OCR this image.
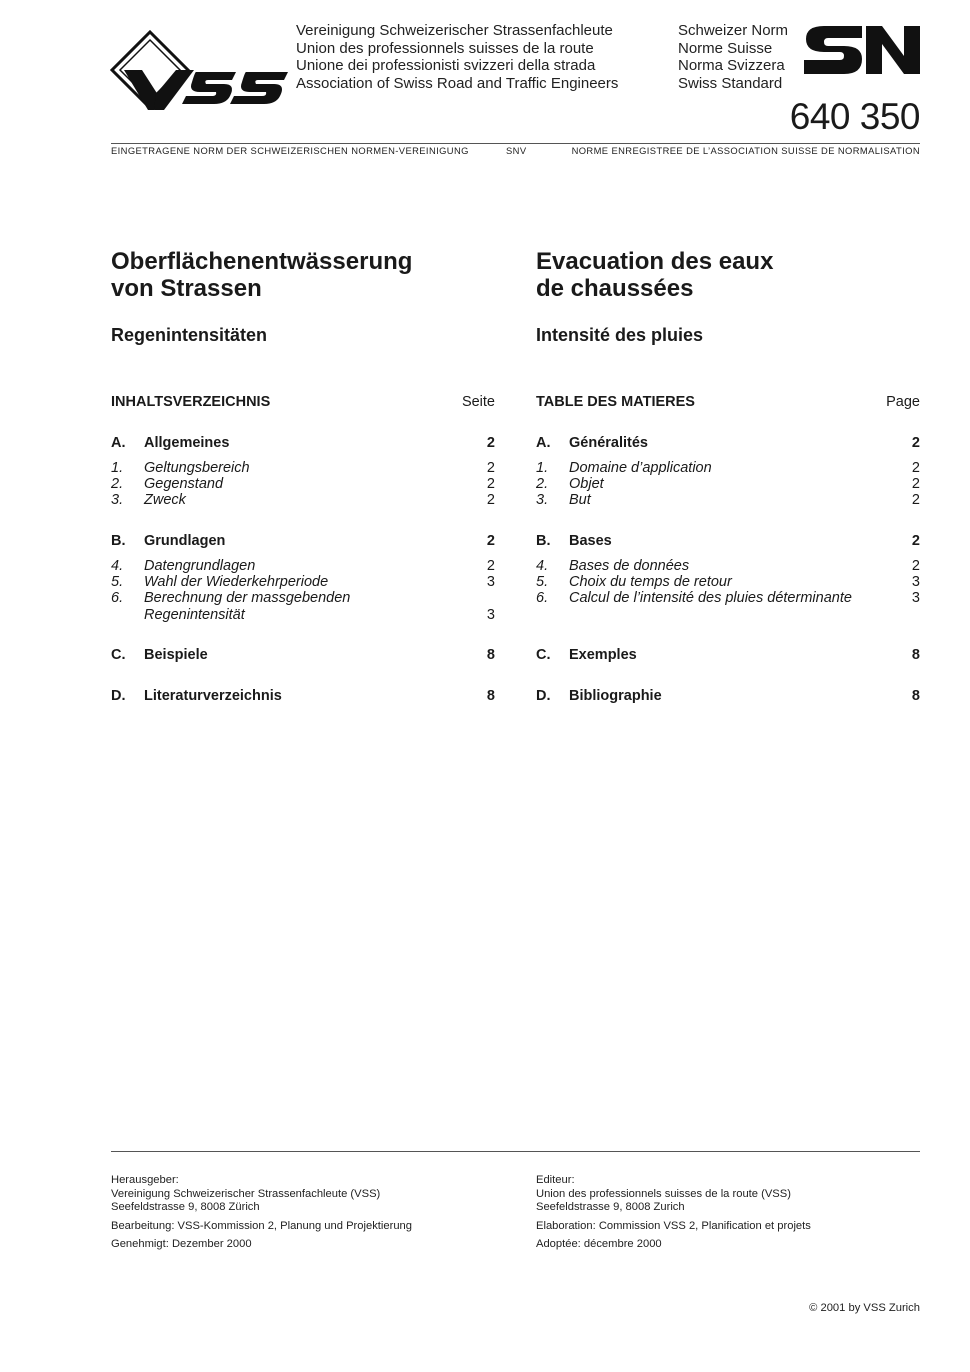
Vereinigung Schweizerischer Strassenfachleute
Union des professionnels suisses de la route
Unione dei professionisti svizzeri della strada
Association of Swiss Road and Traffic Engineers
Schweizer Norm
Norme Suisse
Norma Svizzera
Swiss Standard
640 350
EINGETRAGENE NORM DER SCHWEIZERISCHEN NORMEN-VEREINIGUNG	SNV	NORME ENREGISTREE DE L’ASSOCIATION SUISSE DE NORMALISATION
Oberflächenentwässerung
von Strassen
Evacuation des eaux
de chaussées
Regenintensitäten	Intensité des pluies
INHALTSVERZEICHNIS	Seite
A. Allgemeines	2
1. Geltungsbereich	2
2. Gegenstand	2
3. Zweck	2
B. Grundlagen	2
4. Datengrundlagen	2
5. Wahl der Wiederkehrperiode	3
6. Berechnung der massgebenden
Regenintensität	3
C. Beispiele	8
D. Literaturverzeichnis	8
TABLE DES MATIERES	Page
A. Généralités	2
1. Domaine d’application	2
2. Objet	2
3. But	2
B. Bases	2
4. Bases de données	2
5. Choix du temps de retour	3
6. Calcul de l’intensité des pluies déterminante	3
C. Exemples	8
D. Bibliographie	8
Herausgeber:
Vereinigung Schweizerischer Strassenfachleute (VSS)
Seefeldstrasse 9, 8008 Zürich
Bearbeitung: VSS-Kommission 2, Planung und Projektierung
Genehmigt: Dezember 2000
Editeur:
Union des professionnels suisses de la route (VSS)
Seefeldstrasse 9, 8008 Zurich
Elaboration: Commission VSS 2, Planification et projets
Adoptée: décembre 2000
© 2001 by VSS Zurich
